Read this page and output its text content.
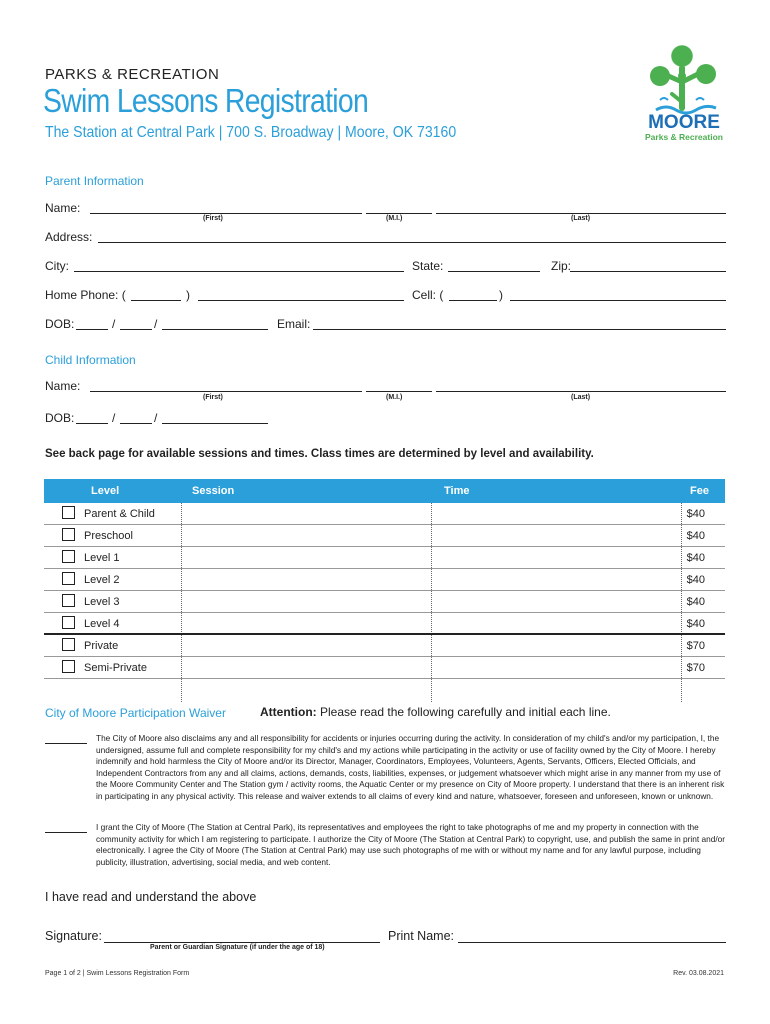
PARKS & RECREATION
Swim Lessons Registration
The Station at Central Park | 700 S. Broadway | Moore, OK 73160	MOORE
Parks & Recreation
Parent Information
Name:
(First)	(M.I.)	(Last)
Address:
City:	State:	Zip:
Home Phone: (	)	Cell: (	)
DOB:	/	/	Email:
Child Information
Name:
(First)	(M.I.)	(Last)
DOB:	/	/
See back page for available sessions and times. Class times are determined by level and availability.
Level	Session	Time	Fee
Parent & Child	$40
Preschool	$40
Level 1	$40
Level 2	$40
Level 3	$40
Level 4	$40
Private	$70
Semi-Private	$70
City of Moore Participation Waiver	Attention: Please read the following carefully and initial each line.
The City of Moore also disclaims any and all responsibility for accidents or injuries occurring during the activity. In consideration of my child's and/or my participation, I, the undersigned, assume full and complete responsibility for my child's and my actions while participating in the activity or use of facility owned by the City of Moore. I hereby indemnify and hold harmless the City of Moore and/or its Director, Manager, Coordinators, Employees, Volunteers, Agents, Servants, Officers, Elected Officials, and Independent Contractors from any and all claims, actions, demands, costs, liabilities, expenses, or judgement whatsoever which might arise in any manner from my use of the Moore Community Center and The Station gym / activity rooms, the Aquatic Center or my presence on City of Moore property. I understand that there is an inherent risk in participating in any physical activity. This release and waiver extends to all claims of every kind and nature, whatsoever, foreseen and unforeseen, known or unknown.
I grant the City of Moore (The Station at Central Park), its representatives and employees the right to take photographs of me and my property in connection with the community activity for which I am registering to participate. I authorize the City of Moore (The Station at Central Park) to copyright, use, and publish the same in print and/or electronically. I agree the City of Moore (The Station at Central Park) may use such photographs of me with or without my name and for any lawful purpose, including publicity, illustration, advertising, social media, and web content.
I have read and understand the above
Signature:
Parent or Guardian Signature (if under the age of 18)
Print Name:
Page 1 of 2 | Swim Lessons Registration Form	Rev. 03.08.2021
